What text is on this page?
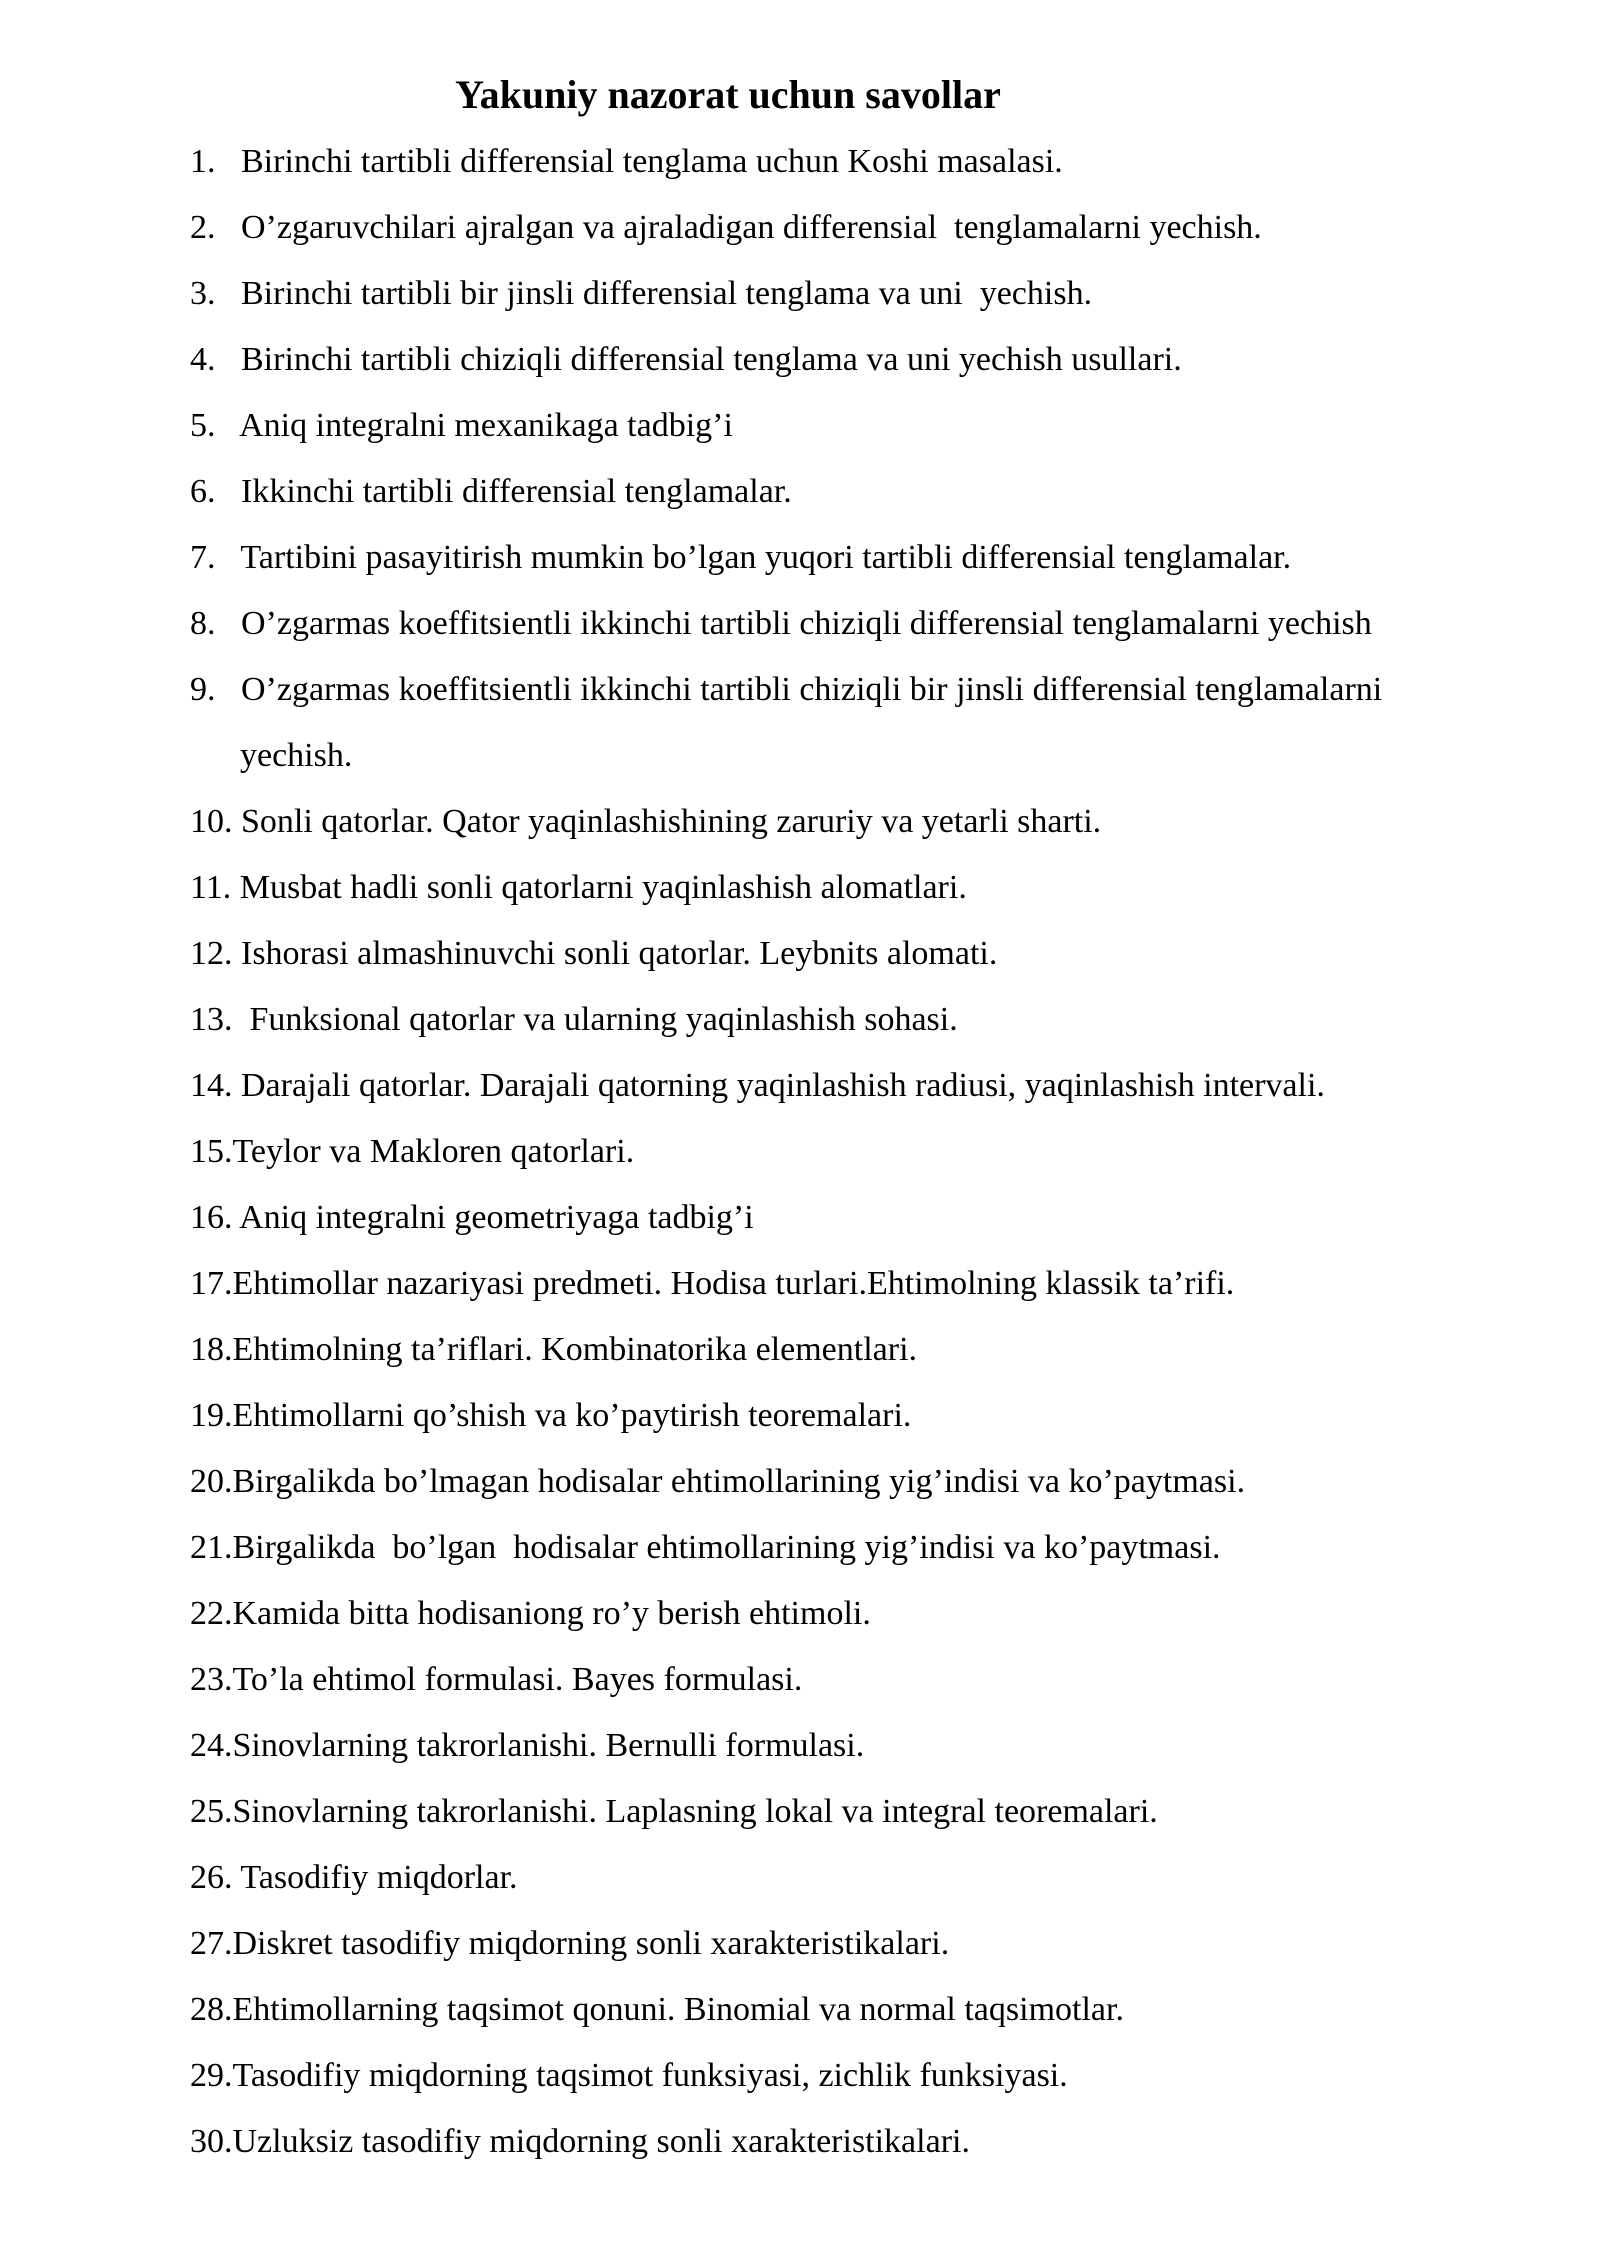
Yakuniy nazorat uchun savollar
1.   Birinchi tartibli differensial tenglama uchun Koshi masalasi.
2.   O’zgaruvchilari ajralgan va ajraladigan differensial  tenglamalarni yechish.
3.   Birinchi tartibli bir jinsli differensial tenglama va uni  yechish.
4.   Birinchi tartibli chiziqli differensial tenglama va uni yechish usullari.
5.   Aniq integralni mexanikaga tadbig’i
6.   Ikkinchi tartibli differensial tenglamalar.
7.   Tartibini pasayitirish mumkin bo’lgan yuqori tartibli differensial tenglamalar.
8.   O’zgarmas koeffitsientli ikkinchi tartibli chiziqli differensial tenglamalarni yechish
9.   O’zgarmas koeffitsientli ikkinchi tartibli chiziqli bir jinsli differensial tenglamalarni
yechish.
10. Sonli qatorlar. Qator yaqinlashishining zaruriy va yetarli sharti.
11. Musbat hadli sonli qatorlarni yaqinlashish alomatlari.
12. Ishorasi almashinuvchi sonli qatorlar. Leybnits alomati.
13.  Funksional qatorlar va ularning yaqinlashish sohasi.
14. Darajali qatorlar. Darajali qatorning yaqinlashish radiusi, yaqinlashish intervali.
15.Teylor va Makloren qatorlari.
16. Aniq integralni geometriyaga tadbig’i
17.Ehtimollar nazariyasi predmeti. Hodisa turlari.Ehtimolning klassik ta’rifi.
18.Ehtimolning ta’riflari. Kombinatorika elementlari.
19.Ehtimollarni qo’shish va ko’paytirish teoremalari.
20.Birgalikda bo’lmagan hodisalar ehtimollarining yig’indisi va ko’paytmasi.
21.Birgalikda  bo’lgan  hodisalar ehtimollarining yig’indisi va ko’paytmasi.
22.Kamida bitta hodisaniong ro’y berish ehtimoli.
23.To’la ehtimol formulasi. Bayes formulasi.
24.Sinovlarning takrorlanishi. Bernulli formulasi.
25.Sinovlarning takrorlanishi. Laplasning lokal va integral teoremalari.
26. Tasodifiy miqdorlar.
27.Diskret tasodifiy miqdorning sonli xarakteristikalari.
28.Ehtimollarning taqsimot qonuni. Binomial va normal taqsimotlar.
29.Tasodifiy miqdorning taqsimot funksiyasi, zichlik funksiyasi.
30.Uzluksiz tasodifiy miqdorning sonli xarakteristikalari.
